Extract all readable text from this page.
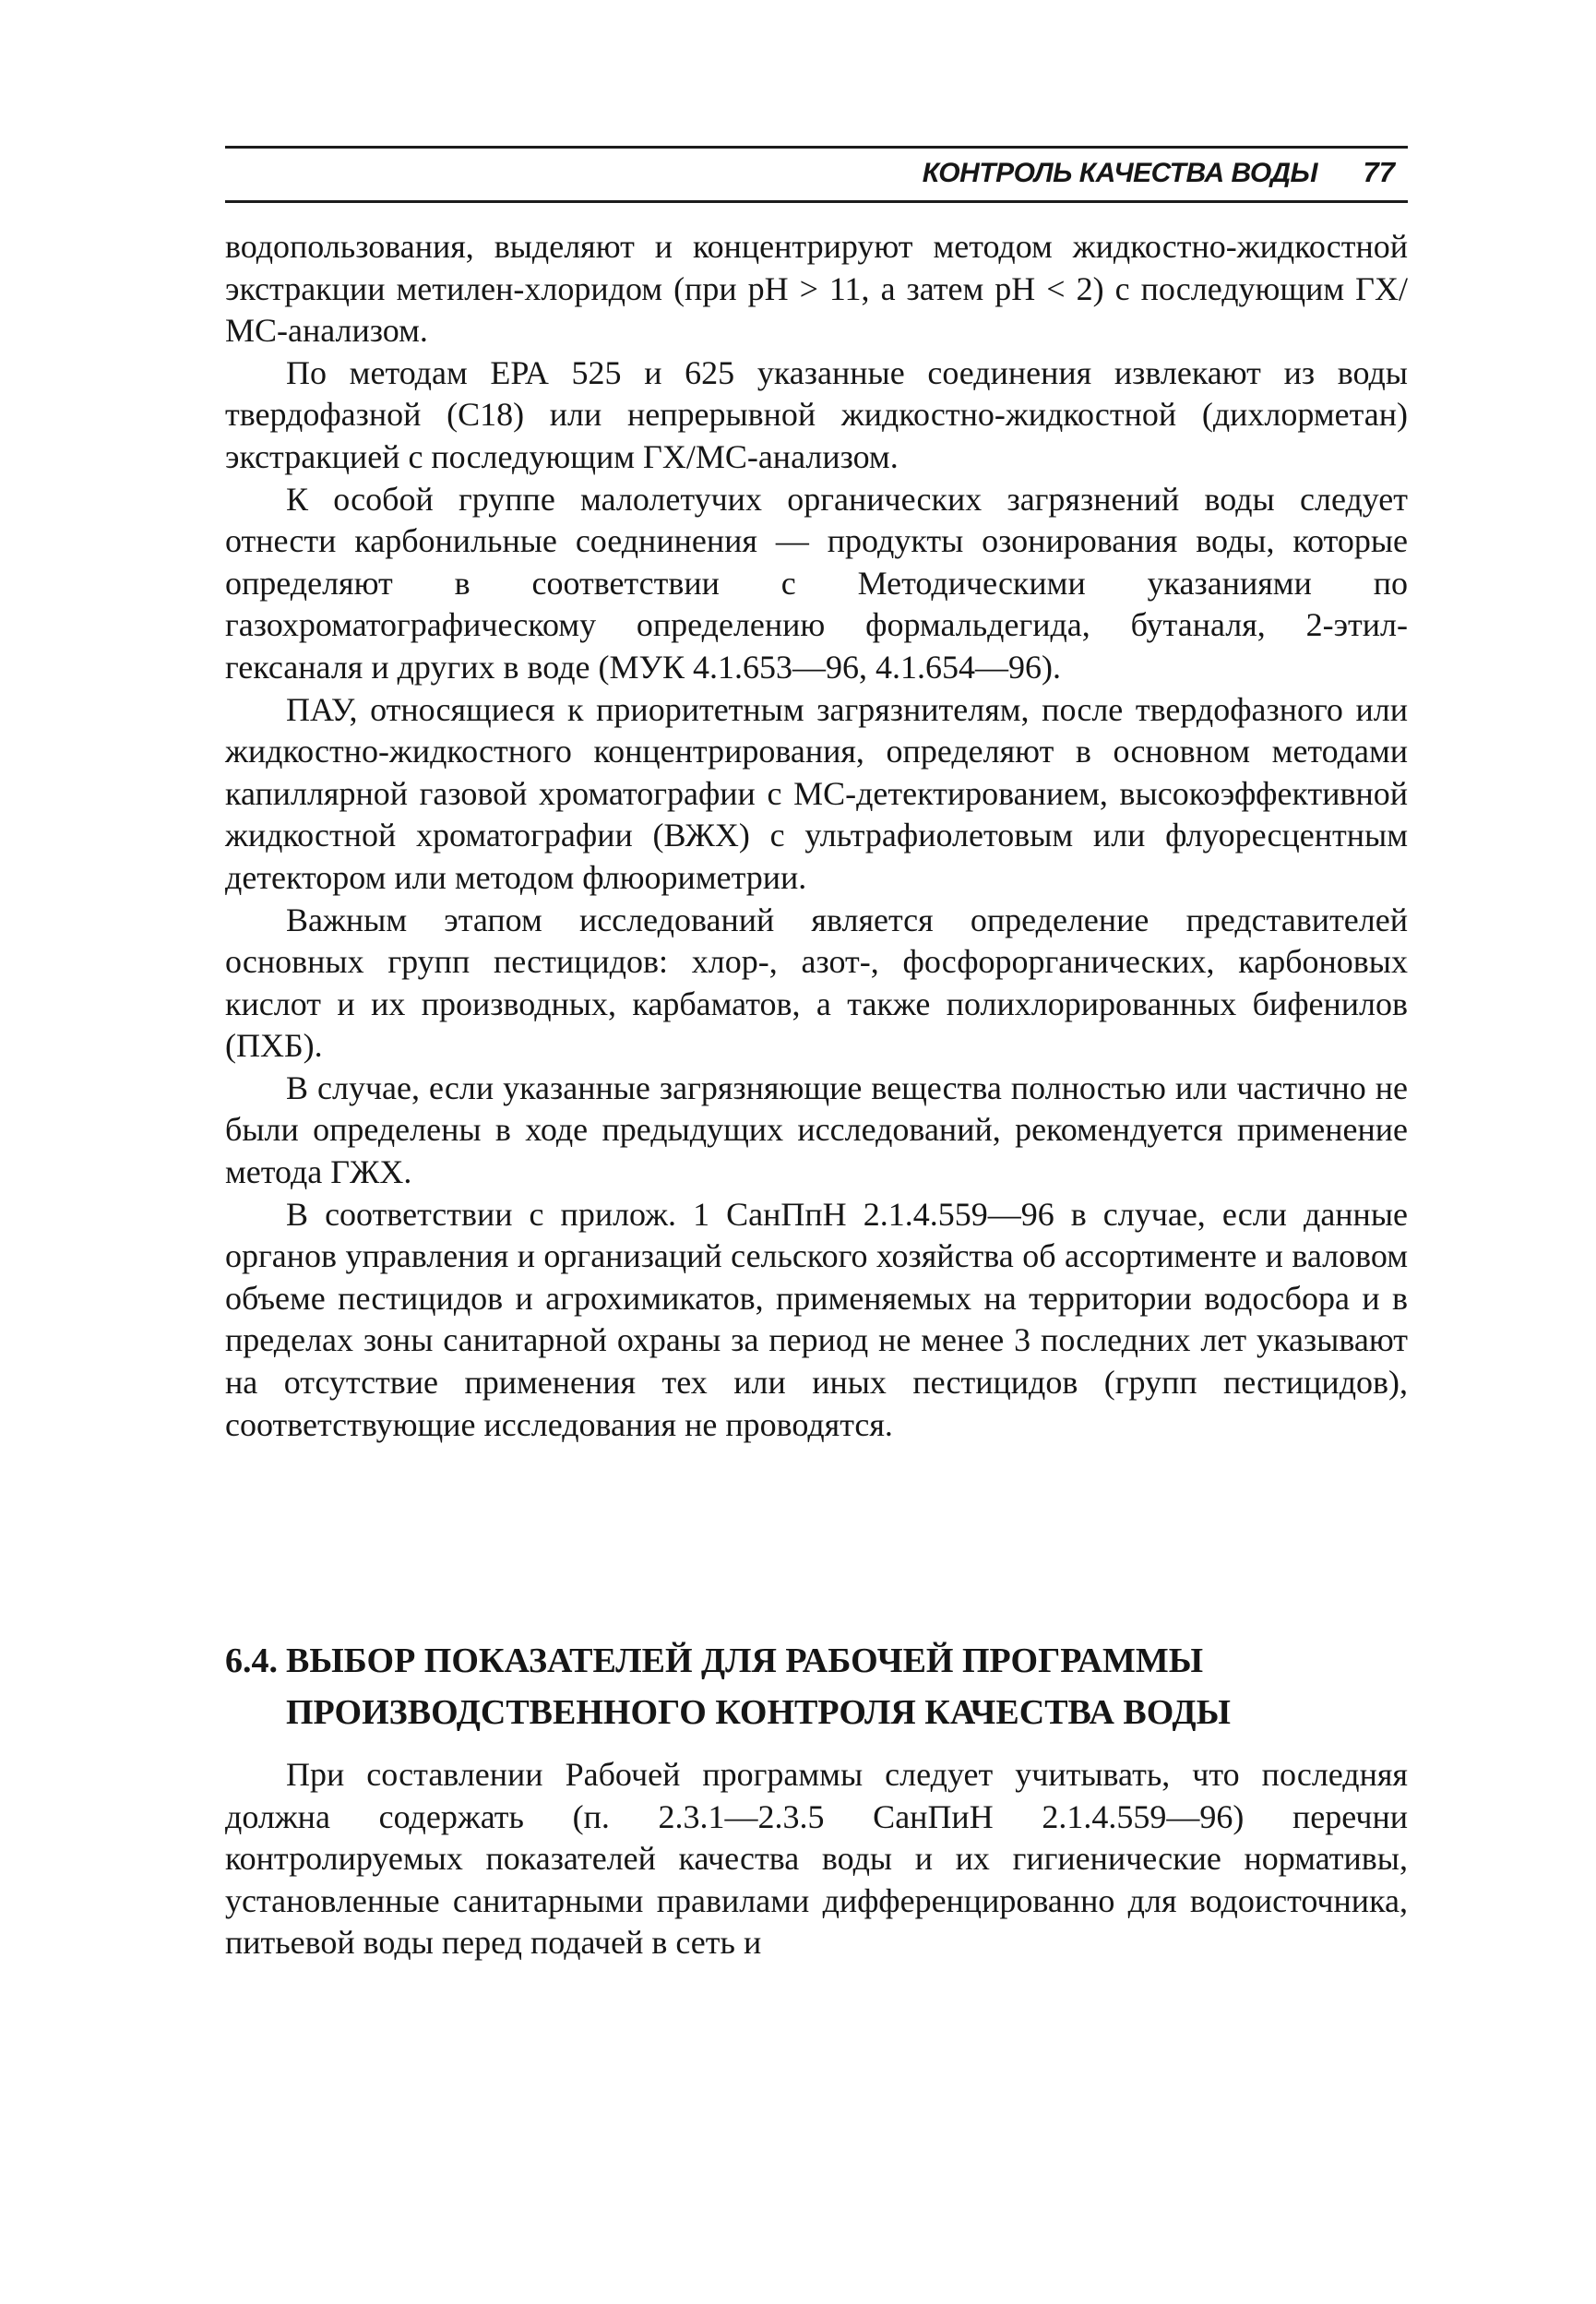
КОНТРОЛЬ КАЧЕСТВА ВОДЫ 77

водопользования, выделяют и концентрируют методом жидкостно-жидкостной экстракции метилен-хлоридом (при pH > 11, а затем pH < 2) с последующим ГХ/МС-анализом.

По методам ЕРА 525 и 625 указанные соединения извлекают из воды твердофазной (С18) или непрерывной жидкостно-жидкостной (дихлорметан) экстракцией с последующим ГХ/МС-анализом.

К особой группе малолетучих органических загрязнений воды следует отнести карбонильные соеднинения — продукты озонирования воды, которые определяют в соответствии с Методическими указаниями по газохроматографическому определению формальдегида, бутаналя, 2-этил-гексаналя и других в воде (МУК 4.1.653—96, 4.1.654—96).

ПАУ, относящиеся к приоритетным загрязнителям, после твердофазного или жидкостно-жидкостного концентрирования, определяют в основном методами капиллярной газовой хроматографии с МС-детектированием, высокоэффективной жидкостной хроматографии (ВЖХ) с ультрафиолетовым или флуоресцентным детектором или методом флюориметрии.

Важным этапом исследований является определение представителей основных групп пестицидов: хлор-, азот-, фосфорорганических, карбоновых кислот и их производных, карбаматов, а также полихлорированных бифенилов (ПХБ).

В случае, если указанные загрязняющие вещества полностью или частично не были определены в ходе предыдущих исследований, рекомендуется применение метода ГЖХ.

В соответствии с прилож. 1 СанПпН 2.1.4.559—96 в случае, если данные органов управления и организаций сельского хозяйства об ассортименте и валовом объеме пестицидов и агрохимикатов, применяемых на территории водосбора и в пределах зоны санитарной охраны за период не менее 3 последних лет указывают на отсутствие применения тех или иных пестицидов (групп пестицидов), соответствующие исследования не проводятся.

6.4. ВЫБОР ПОКАЗАТЕЛЕЙ ДЛЯ РАБОЧЕЙ ПРОГРАММЫ
ПРОИЗВОДСТВЕННОГО КОНТРОЛЯ КАЧЕСТВА ВОДЫ

При составлении Рабочей программы следует учитывать, что последняя должна содержать (п. 2.3.1—2.3.5 СанПиН 2.1.4.559—96) перечни контролируемых показателей качества воды и их гигиенические нормативы, установленные санитарными правилами дифференцированно для водоисточника, питьевой воды перед подачей в сеть и
